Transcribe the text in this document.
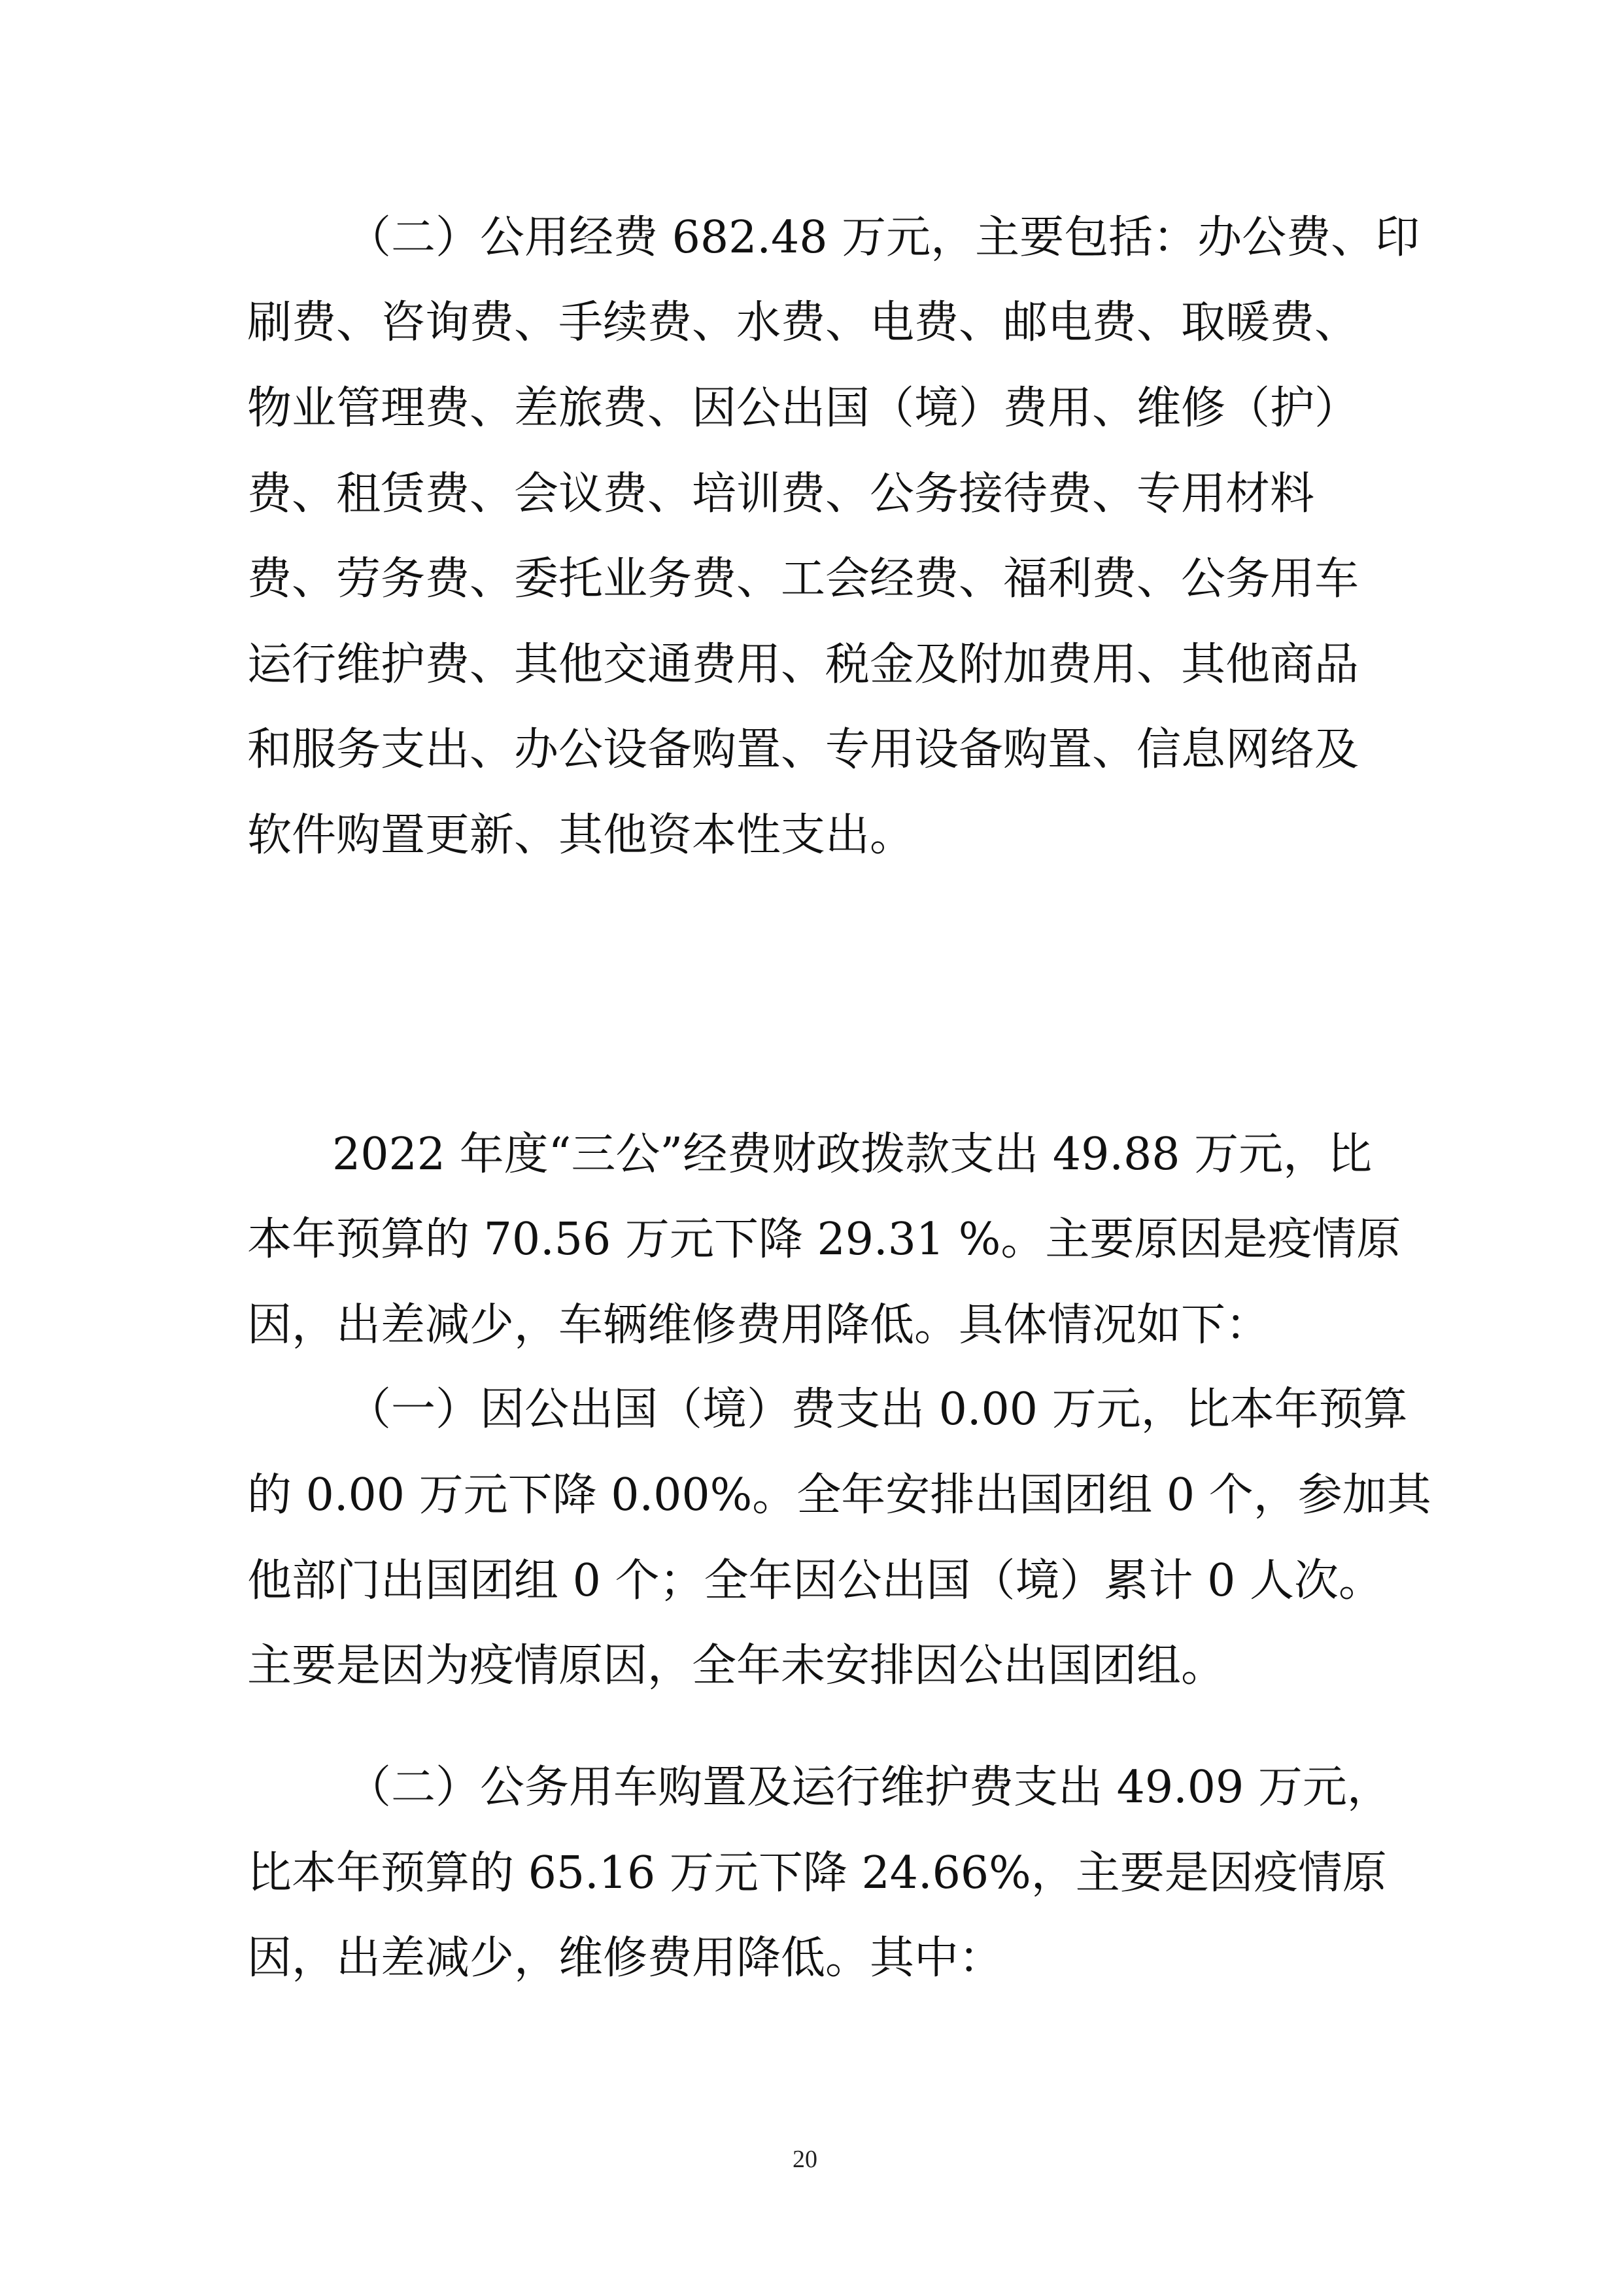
（二）公用经费 682.48 万元，主要包括：办公费、印
刷费、咨询费、手续费、水费、电费、邮电费、取暖费、
物业管理费、差旅费、因公出国（境）费用、维修（护）
费、租赁费、会议费、培训费、公务接待费、专用材料
费、劳务费、委托业务费、工会经费、福利费、公务用车
运行维护费、其他交通费用、税金及附加费用、其他商品
和服务支出、办公设备购置、专用设备购置、信息网络及
软件购置更新、其他资本性支出。
2022 年度“三公”经费财政拨款支出 49.88 万元，比
本年预算的 70.56 万元下降 29.31 %。主要原因是疫情原
因，出差减少，车辆维修费用降低。具体情况如下：
（一）因公出国（境）费支出 0.00 万元，比本年预算
的 0.00 万元下降 0.00%。全年安排出国团组 0 个，参加其
他部门出国团组 0 个；全年因公出国（境）累计 0 人次。
主要是因为疫情原因，全年未安排因公出国团组。
（二）公务用车购置及运行维护费支出 49.09 万元，
比本年预算的 65.16 万元下降 24.66%，主要是因疫情原
因，出差减少，维修费用降低。其中：
20
